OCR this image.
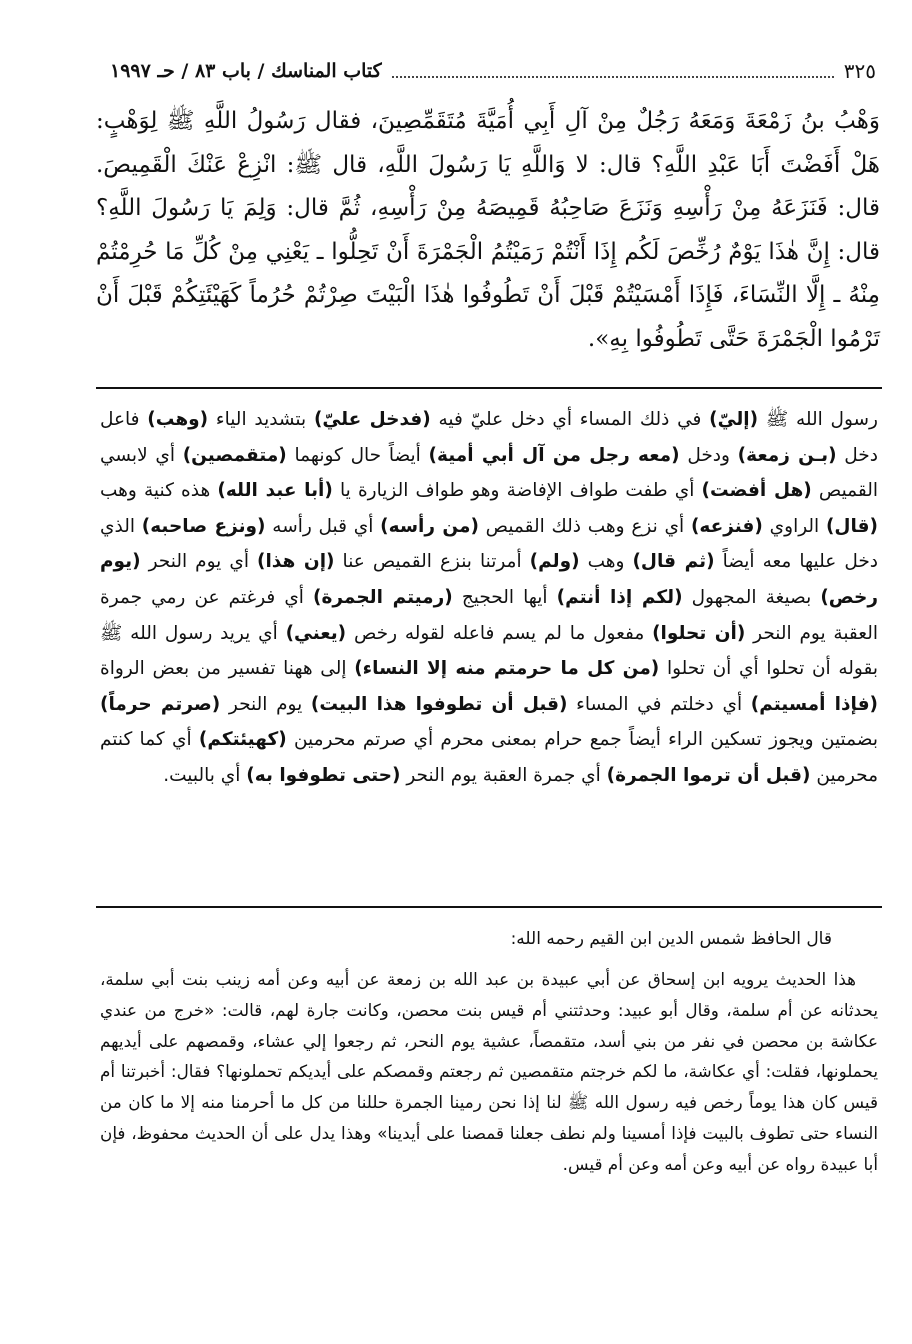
كتاب المناسك / باب ٨٣ / حـ ١٩٩٧	٣٢٥

وَهْبُ بنُ زَمْعَةَ وَمَعَهُ رَجُلٌ مِنْ آلِ أَبِي أُمَيَّةَ مُتَقَمِّصِينَ، فقال رَسُولُ اللَّهِ ﷺ لِوَهْبٍ: هَلْ أَفَضْتَ أَبَا عَبْدِ اللَّهِ؟ قال: لا وَاللَّهِ يَا رَسُولَ اللَّهِ، قال ﷺ: انْزِعْ عَنْكَ الْقَمِيصَ. قال: فَنَزَعَهُ مِنْ رَأْسِهِ وَنَزَعَ صَاحِبُهُ قَمِيصَهُ مِنْ رَأْسِهِ، ثُمَّ قال: وَلِمَ يَا رَسُولَ اللَّهِ؟ قال: إِنَّ هٰذَا يَوْمٌ رُخِّصَ لَكُم إِذَا أَنْتُمْ رَمَيْتُمُ الْجَمْرَةَ أَنْ تَحِلُّوا ـ يَعْنِي مِنْ كُلِّ مَا حُرِمْتُمْ مِنْهُ ـ إِلَّا النِّسَاءَ، فَإِذَا أَمْسَيْتُمْ قَبْلَ أَنْ تَطُوفُوا هٰذَا الْبَيْتَ صِرْتُمْ حُرُماً كَهَيْئَتِكُمْ قَبْلَ أَنْ تَرْمُوا الْجَمْرَةَ حَتَّى تَطُوفُوا بِهِ».

رسول الله ﷺ (إليّ) في ذلك المساء أي دخل عليّ فيه (فدخل عليّ) بتشديد الياء (وهب) فاعل دخل (بـن زمعة) ودخل (معه رجل من آل أبي أمية) أيضاً حال كونهما (متقمصين) أي لابسي القميص (هل أفضت) أي طفت طواف الإفاضة وهو طواف الزيارة يا (أبا عبد الله) هذه كنية وهب (قال) الراوي (فنزعه) أي نزع وهب ذلك القميص (من رأسه) أي قبل رأسه (ونزع صاحبه) الذي دخل عليها معه أيضاً (ثم قال) وهب (ولم) أمرتنا بنزع القميص عنا (إن هذا) أي يوم النحر (يوم رخص) بصيغة المجهول (لكم إذا أنتم) أيها الحجيج (رميتم الجمرة) أي فرغتم عن رمي جمرة العقبة يوم النحر (أن تحلوا) مفعول ما لم يسم فاعله لقوله رخص (يعني) أي يريد رسول الله ﷺ بقوله أن تحلوا أي أن تحلوا (من كل ما حرمتم منه إلا النساء) إلى ههنا تفسير من بعض الرواة (فإذا أمسيتم) أي دخلتم في المساء (قبل أن تطوفوا هذا البيت) يوم النحر (صرتم حرماً) بضمتين ويجوز تسكين الراء أيضاً جمع حرام بمعنى محرم أي صرتم محرمين (كهيئتكم) أي كما كنتم محرمين (قبل أن ترموا الجمرة) أي جمرة العقبة يوم النحر (حتى تطوفوا به) أي بالبيت.

قال الحافظ شمس الدين ابن القيم رحمه الله:

هذا الحديث يرويه ابن إسحاق عن أبي عبيدة بن عبد الله بن زمعة عن أبيه وعن أمه زينب بنت أبي سلمة، يحدثانه عن أم سلمة، وقال أبو عبيد: وحدثتني أم قيس بنت محصن، وكانت جارة لهم، قالت: «خرج من عندي عكاشة بن محصن في نفر من بني أسد، متقمصاً، عشية يوم النحر، ثم رجعوا إلي عشاء، وقمصهم على أيديهم يحملونها، فقلت: أي عكاشة، ما لكم خرجتم متقمصين ثم رجعتم وقمصكم على أيديكم تحملونها؟ فقال: أخبرتنا أم قيس كان هذا يوماً رخص فيه رسول الله ﷺ لنا إذا نحن رمينا الجمرة حللنا من كل ما أحرمنا منه إلا ما كان من النساء حتى تطوف بالبيت فإذا أمسينا ولم نطف جعلنا قمصنا على أيدينا» وهذا يدل على أن الحديث محفوظ، فإن أبا عبيدة رواه عن أبيه وعن أمه وعن أم قيس.
